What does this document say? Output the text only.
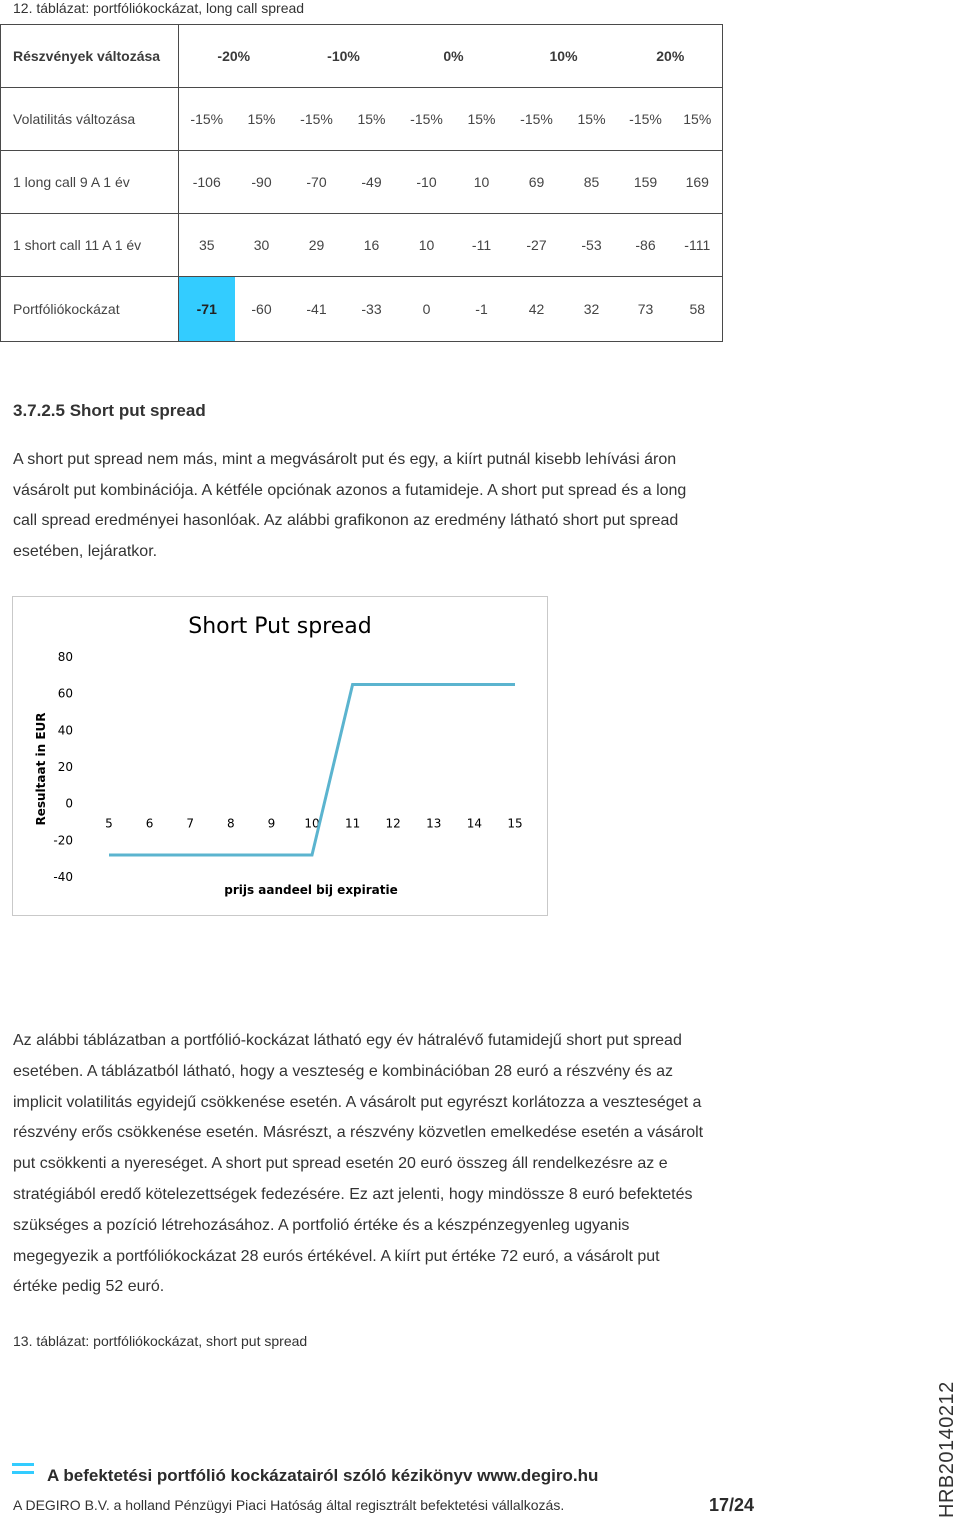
12. táblázat: portfóliókockázat, long call spread
Részvények változása	-20%		-10%		0%		10%		20%	
Volatilitás változása	-15%	15%	-15%	15%	-15%	15%	-15%	15%	-15%	15%
1 long call 9 A 1 év	-106	-90	-70	-49	-10	10	69	85	159	169
1 short call 11 A 1 év	35	30	29	16	10	-11	-27	-53	-86	-111
Portfóliókockázat	-71	-60	-41	-33	0	-1	42	32	73	58
3.7.2.5 Short put spread
A short put spread nem más, mint a megvásárolt put és egy, a kiírt putnál kisebb lehívási áron
vásárolt put kombinációja. A kétféle opciónak azonos a futamideje. A short put spread és a long
call spread eredményei hasonlóak. Az alábbi grafikonon az eredmény látható short put spread
esetében, lejáratkor.
Short Put spread
Resultaat in EUR
prijs aandeel bij expiratie
80
60
40
20
0
-20
-40
5	6	7	8	9 10 11 12 13 14 15
Az alábbi táblázatban a portfólió-kockázat látható egy év hátralévő futamidejű short put spread
esetében. A táblázatból látható, hogy a veszteség e kombinációban 28 euró a részvény és az
implicit volatilitás egyidejű csökkenése esetén. A vásárolt put egyrészt korlátozza a veszteséget a
részvény erős csökkenése esetén. Másrészt, a részvény közvetlen emelkedése esetén a vásárolt
put csökkenti a nyereséget. A short put spread esetén 20 euró összeg áll rendelkezésre az e
stratégiából eredő kötelezettségek fedezésére. Ez azt jelenti, hogy mindössze 8 euró befektetés
szükséges a pozíció létrehozásához. A portfolió értéke és a készpénzegyenleg ugyanis
megegyezik a portfóliókockázat 28 eurós értékével. A kiírt put értéke 72 euró, a vásárolt put
értéke pedig 52 euró.
13. táblázat: portfóliókockázat, short put spread
A befektetési portfólió kockázatairól szóló kézikönyv www.degiro.hu
A DEGIRO B.V. a holland Pénzügyi Piaci Hatóság által regisztrált befektetési vállalkozás.	17/24	HRB20140212
